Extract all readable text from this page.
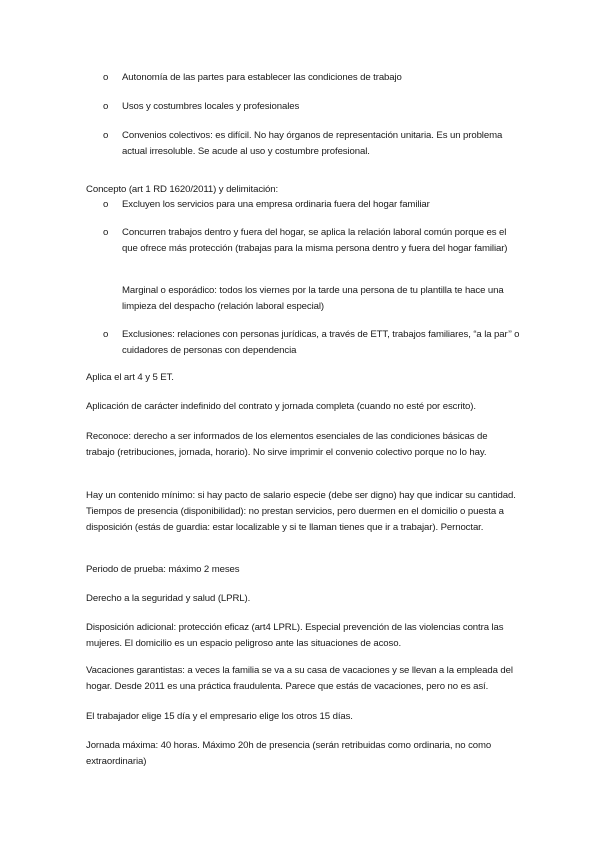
o	Autonomía de las partes para establecer las condiciones de trabajo
o	Usos y costumbres locales y profesionales
o	Convenios colectivos: es difícil. No hay órganos de representación unitaria. Es un problema actual irresoluble. Se acude al uso y costumbre profesional.
Concepto (art 1 RD 1620/2011) y delimitación:
o	Excluyen los servicios para una empresa ordinaria fuera del hogar familiar
o	Concurren trabajos dentro y fuera del hogar, se aplica la relación laboral común porque es el que ofrece más protección (trabajas para la misma persona dentro y fuera del hogar familiar)
Marginal o esporádico: todos los viernes por la tarde una persona de tu plantilla te hace una limpieza del despacho (relación laboral especial)
o	Exclusiones: relaciones con personas jurídicas, a través de ETT, trabajos familiares, “a la par’’ o cuidadores de personas con dependencia
Aplica el art 4 y 5 ET.
Aplicación de carácter indefinido del contrato y jornada completa (cuando no esté por escrito).
Reconoce: derecho a ser informados de los elementos esenciales de las condiciones básicas de trabajo (retribuciones, jornada, horario). No sirve imprimir el convenio colectivo porque no lo hay.
Hay un contenido mínimo: si hay pacto de salario especie (debe ser digno) hay que indicar su cantidad. Tiempos de presencia (disponibilidad): no prestan servicios, pero duermen en el domicilio o puesta a disposición (estás de guardia: estar localizable y si te llaman tienes que ir a trabajar). Pernoctar.
Periodo de prueba: máximo 2 meses
Derecho a la seguridad y salud (LPRL).
Disposición adicional: protección eficaz (art4 LPRL). Especial prevención de las violencias contra las mujeres. El domicilio es un espacio peligroso ante las situaciones de acoso.
Vacaciones garantistas: a veces la familia se va a su casa de vacaciones y se llevan a la empleada del hogar. Desde 2011 es una práctica fraudulenta. Parece que estás de vacaciones, pero no es así.
El trabajador elige 15 día y el empresario elige los otros 15 días.
Jornada máxima: 40 horas. Máximo 20h de presencia (serán retribuidas como ordinaria, no como extraordinaria)
